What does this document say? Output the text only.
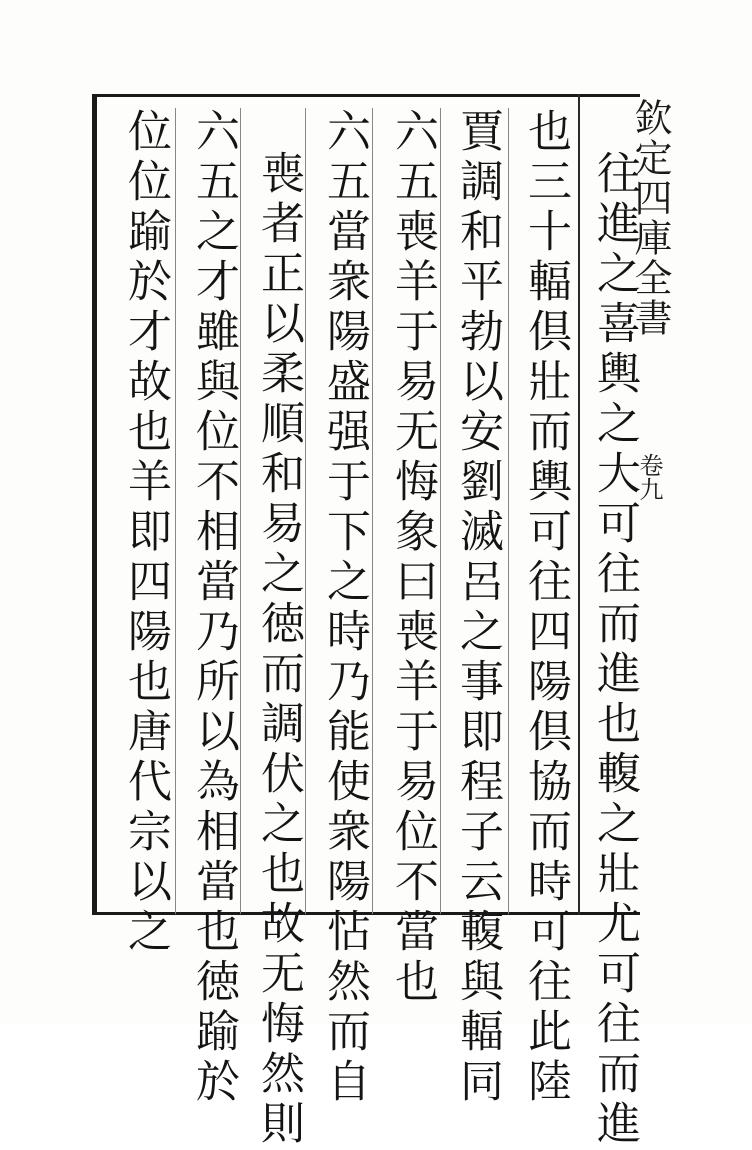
欽定四庫全書
卷九
往進之喜輿之大可往而進也輹之壯尤可往而進
也三十輻倶壯而輿可往四陽倶協而時可往此陸
賈調和平勃以安劉滅呂之事即程子云輹與輻同
六五喪羊于易无悔象曰喪羊于易位不當也
六五當衆陽盛强于下之時乃能使衆陽怗然而自
喪者正以柔順和易之徳而調伏之也故无悔然則
六五之才雖與位不相當乃所以為相當也徳踰於
位位踰於才故也羊即四陽也唐代宗以之
